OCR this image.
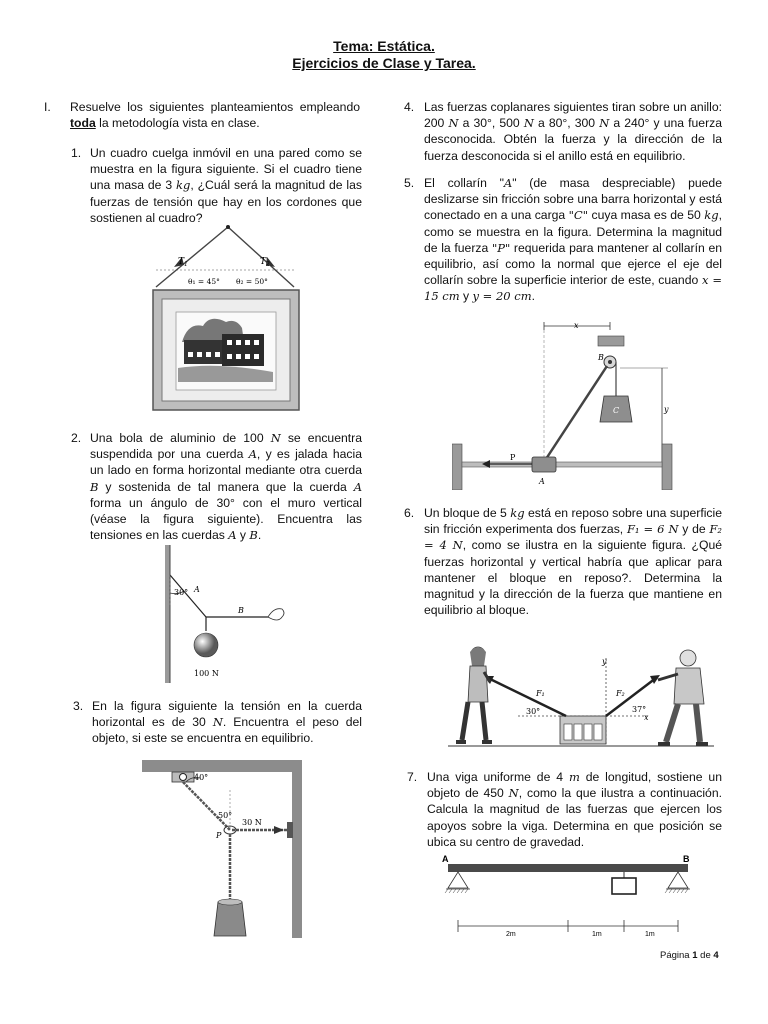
Tema: Estática.
Ejercicios de Clase y Tarea.
I. Resuelve los siguientes planteamientos empleando toda la metodología vista en clase.

1. Un cuadro cuelga inmóvil en una pared como se muestra en la figura siguiente. Si el cuadro tiene una masa de 3 kg, ¿Cuál será la magnitud de las fuerzas de tensión que hay en los cordones que sostienen al cuadro?

$T_1$	$T_2$
θ₁ = 45° θ₂ = 50°
2. Una bola de aluminio de 100 N se encuentra suspendida por una cuerda A, y es jalada hacia un lado en forma horizontal mediante otra cuerda B y sostenida de tal manera que la cuerda A forma un ángulo de 30° con el muro vertical (véase la figura siguiente). Encuentra las tensiones en las cuerdas A y B.

30° A
B
100 N
3. En la figura siguiente la tensión en la cuerda horizontal es de 30 N. Encuentra el peso del objeto, si este se encuentra en equilibrio.

40°
50°
30 N
P
4. Las fuerzas coplanares siguientes tiran sobre un anillo: 200 N a 30°, 500 N a 80°, 300 N a 240° y una fuerza desconocida. Obtén la fuerza y la dirección de la fuerza desconocida si el anillo está en equilibrio.

5. El collarín "A" (de masa despreciable) puede deslizarse sin fricción sobre una barra horizontal y está conectado en a una carga "C" cuya masa es de 50 kg, como se muestra en la figura. Determina la magnitud de la fuerza "P" requerida para mantener al collarín en equilibrio, así como la normal que ejerce el eje del collarín sobre la superficie interior de este, cuando x = 15 cm y y = 20 cm.

x
B
C	y
P
A
6. Un bloque de 5 kg está en reposo sobre una superficie sin fricción experimenta dos fuerzas, F₁ = 6 N y de F₂ = 4 N, como se ilustra en la siguiente figura. ¿Qué fuerzas horizontal y vertical habría que aplicar para mantener el bloque en reposo?. Determina la magnitud y la dirección de la fuerza que mantiene en equilibrio al bloque.

y
x
F₁	F₂
30°	37°
7. Una viga uniforme de 4 m de longitud, sostiene un objeto de 450 N, como la que ilustra a continuación. Calcula la magnitud de las fuerzas que ejercen los apoyos sobre la viga. Determina en que posición se ubica su centro de gravedad.

A	B
2m	1m	1m
Página 1 de 4
